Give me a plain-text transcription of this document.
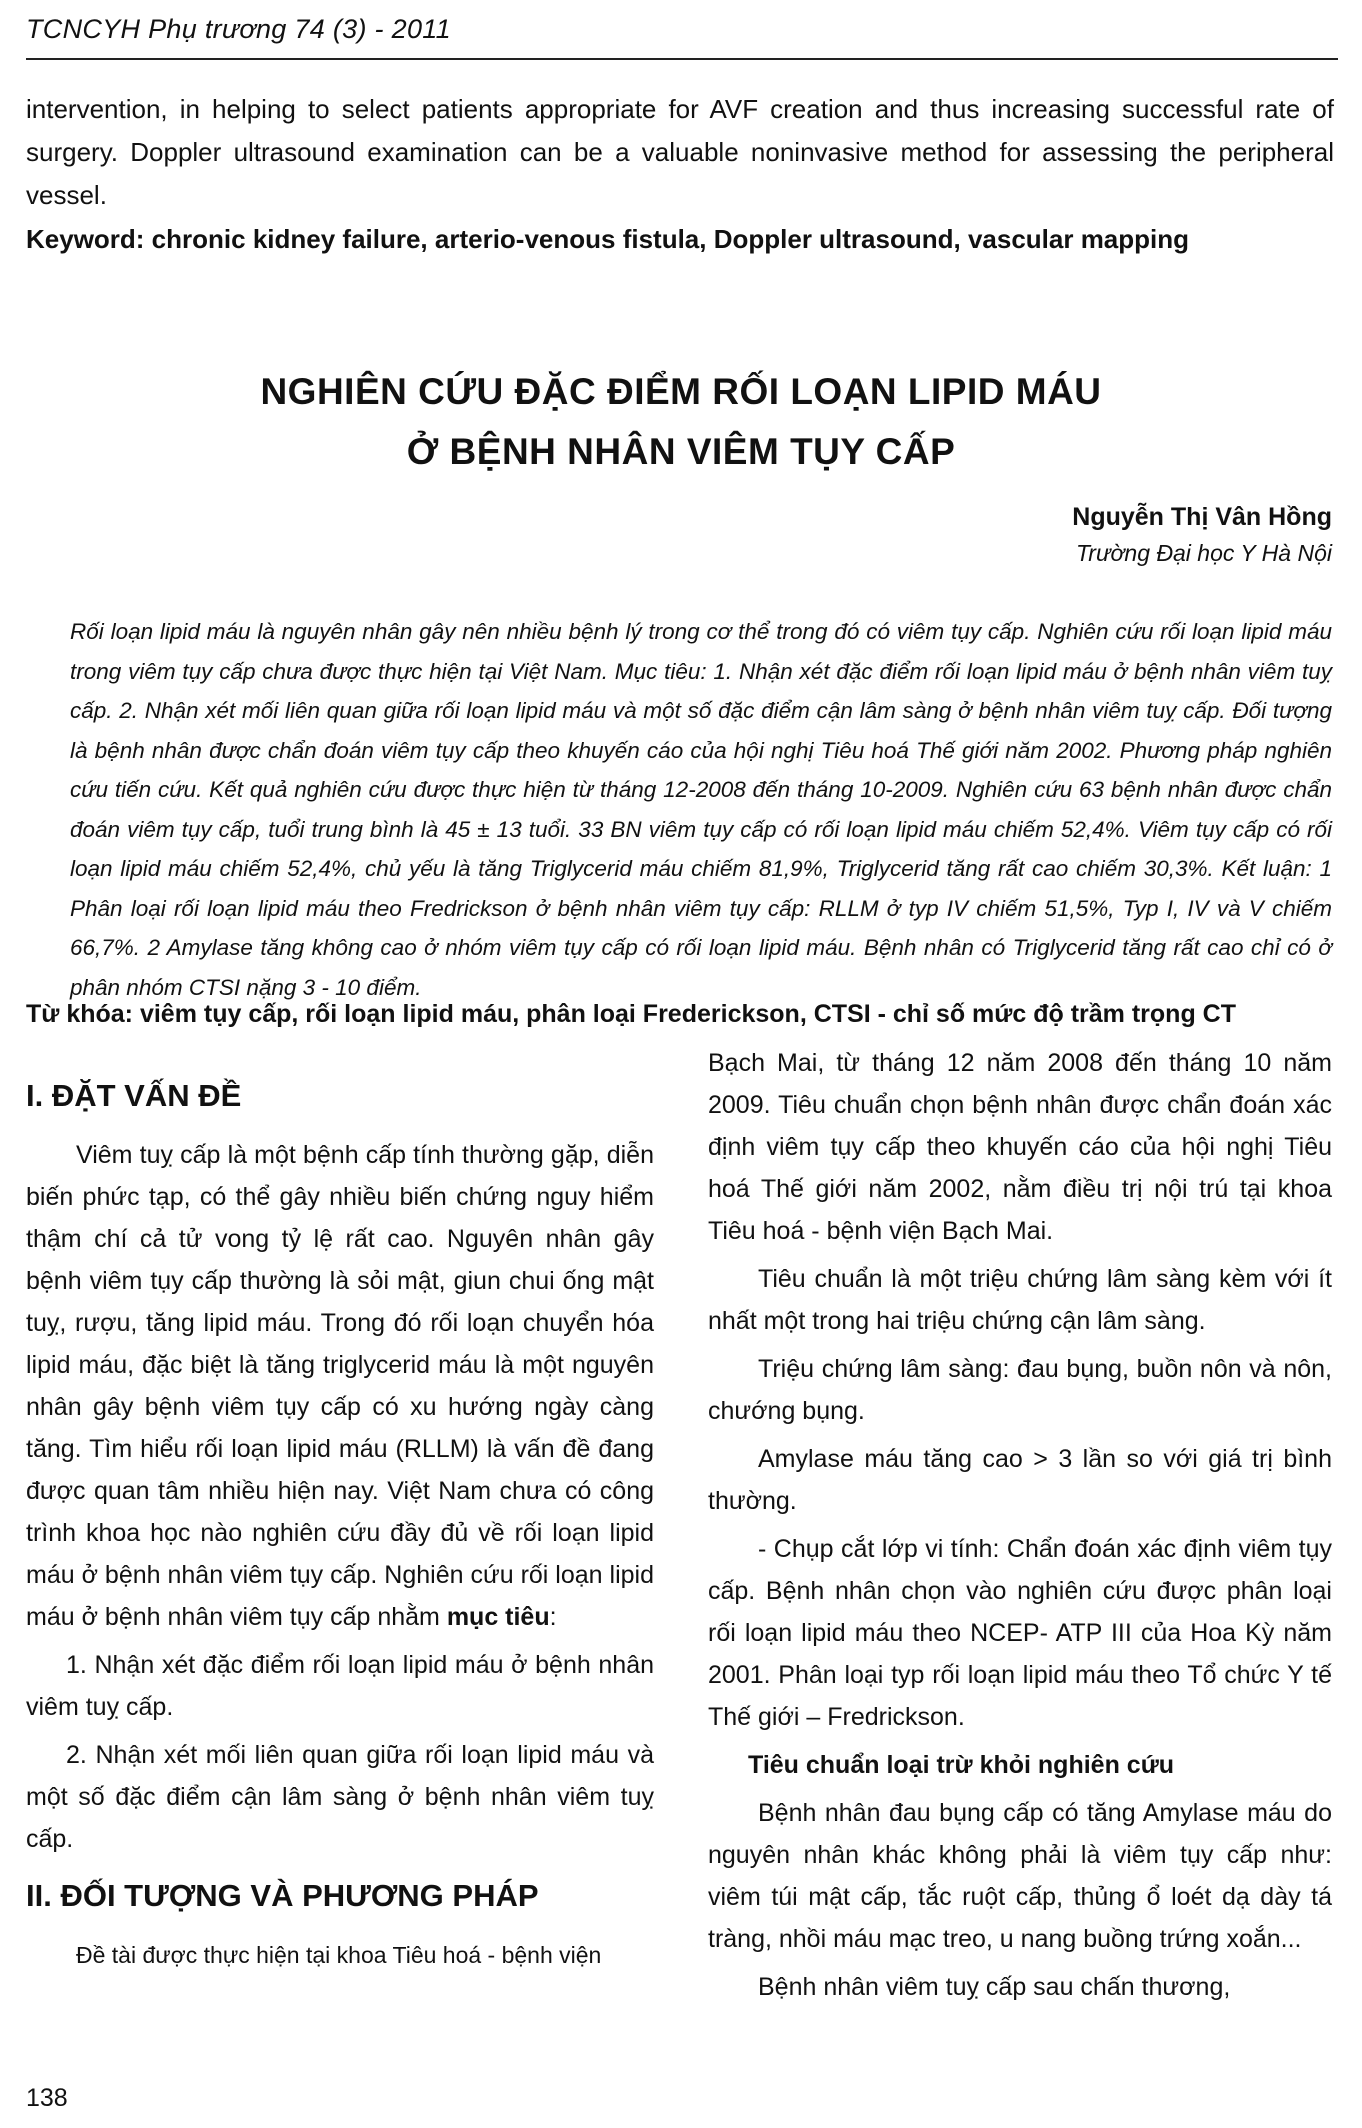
TCNCYH Phụ trương 74 (3) - 2011

intervention, in helping to select patients appropriate for AVF creation and thus increasing successful rate of surgery. Doppler ultrasound examination can be a valuable noninvasive method for assessing the peripheral vessel.

Keyword: chronic kidney failure, arterio-venous fistula, Doppler ultrasound, vascular mapping
NGHIÊN CỨU ĐẶC ĐIỂM RỐI LOẠN LIPID MÁU
Ở BỆNH NHÂN VIÊM TỤY CẤP
Nguyễn Thị Vân Hồng
Trường Đại học Y Hà Nội
Rối loạn lipid máu là nguyên nhân gây nên nhiều bệnh lý trong cơ thể trong đó có viêm tụy cấp. Nghiên cứu rối loạn lipid máu trong viêm tụy cấp chưa được thực hiện tại Việt Nam. Mục tiêu: 1. Nhận xét đặc điểm rối loạn lipid máu ở bệnh nhân viêm tuỵ cấp. 2. Nhận xét mối liên quan giữa rối loạn lipid máu và một số đặc điểm cận lâm sàng ở bệnh nhân viêm tuỵ cấp. Đối tượng là bệnh nhân được chẩn đoán viêm tụy cấp theo khuyến cáo của hội nghị Tiêu hoá Thế giới năm 2002. Phương pháp nghiên cứu tiến cứu. Kết quả nghiên cứu được thực hiện từ tháng 12-2008 đến tháng 10-2009. Nghiên cứu 63 bệnh nhân được chẩn đoán viêm tụy cấp, tuổi trung bình là 45 ± 13 tuổi. 33 BN viêm tụy cấp có rối loạn lipid máu chiếm 52,4%. Viêm tụy cấp có rối loạn lipid máu chiếm 52,4%, chủ yếu là tăng Triglycerid máu chiếm 81,9%, Triglycerid tăng rất cao chiếm 30,3%. Kết luận: 1 Phân loại rối loạn lipid máu theo Fredrickson ở bệnh nhân viêm tụy cấp: RLLM ở typ IV chiếm 51,5%, Typ I, IV và V chiếm 66,7%. 2 Amylase tăng không cao ở nhóm viêm tụy cấp có rối loạn lipid máu. Bệnh nhân có Triglycerid tăng rất cao chỉ có ở phân nhóm CTSI nặng 3 - 10 điểm.
Từ khóa: viêm tụy cấp, rối loạn lipid máu, phân loại Frederickson, CTSI - chỉ số mức độ trầm trọng CT
I. ĐẶT VẤN ĐỀ

Viêm tuỵ cấp là một bệnh cấp tính thường gặp, diễn biến phức tạp, có thể gây nhiều biến chứng nguy hiểm thậm chí cả tử vong tỷ lệ rất cao. Nguyên nhân gây bệnh viêm tụy cấp thường là sỏi mật, giun chui ống mật tuỵ, rượu, tăng lipid máu. Trong đó rối loạn chuyển hóa lipid máu, đặc biệt là tăng triglycerid máu là một nguyên nhân gây bệnh viêm tụy cấp có xu hướng ngày càng tăng. Tìm hiểu rối loạn lipid máu (RLLM) là vấn đề đang được quan tâm nhiều hiện nay. Việt Nam chưa có công trình khoa học nào nghiên cứu đầy đủ về rối loạn lipid máu ở bệnh nhân viêm tụy cấp. Nghiên cứu rối loạn lipid máu ở bệnh nhân viêm tụy cấp nhằm mục tiêu:

1. Nhận xét đặc điểm rối loạn lipid máu ở bệnh nhân viêm tuỵ cấp.

2. Nhận xét mối liên quan giữa rối loạn lipid máu và một số đặc điểm cận lâm sàng ở bệnh nhân viêm tuỵ cấp.

II. ĐỐI TƯỢNG VÀ PHƯƠNG PHÁP

Đề tài được thực hiện tại khoa Tiêu hoá - bệnh viện

Bạch Mai, từ tháng 12 năm 2008 đến tháng 10 năm 2009. Tiêu chuẩn chọn bệnh nhân được chẩn đoán xác định viêm tụy cấp theo khuyến cáo của hội nghị Tiêu hoá Thế giới năm 2002, nằm điều trị nội trú tại khoa Tiêu hoá - bệnh viện Bạch Mai.

Tiêu chuẩn là một triệu chứng lâm sàng kèm với ít nhất một trong hai triệu chứng cận lâm sàng.

Triệu chứng lâm sàng: đau bụng, buồn nôn và nôn, chướng bụng.

Amylase máu tăng cao > 3 lần so với giá trị bình thường.

- Chụp cắt lớp vi tính: Chẩn đoán xác định viêm tụy cấp. Bệnh nhân chọn vào nghiên cứu được phân loại rối loạn lipid máu theo NCEP- ATP III của Hoa Kỳ năm 2001. Phân loại typ rối loạn lipid máu theo Tổ chức Y tế Thế giới – Fredrickson.

Tiêu chuẩn loại trừ khỏi nghiên cứu

Bệnh nhân đau bụng cấp có tăng Amylase máu do nguyên nhân khác không phải là viêm tụy cấp như: viêm túi mật cấp, tắc ruột cấp, thủng ổ loét dạ dày tá tràng, nhồi máu mạc treo, u nang buồng trứng xoắn...

Bệnh nhân viêm tuỵ cấp sau chấn thương,

138
